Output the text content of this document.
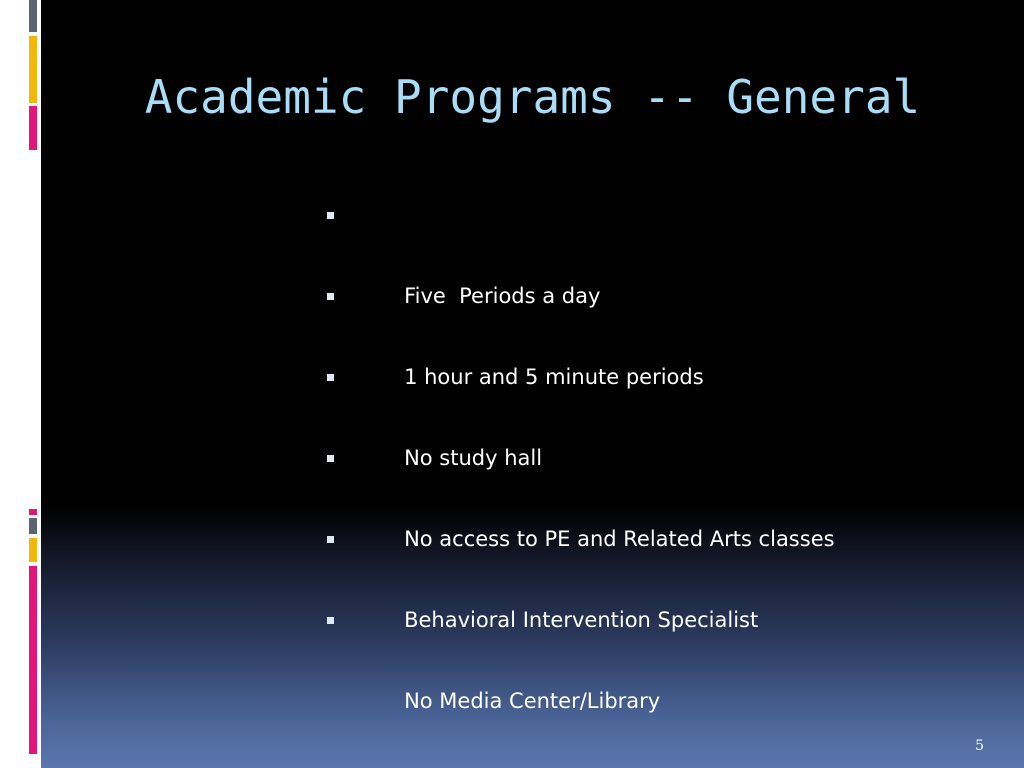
Academic Programs -- General

Five  Periods a day

1 hour and 5 minute periods

No study hall

No access to PE and Related Arts classes

Behavioral Intervention Specialist

No Media Center/Library

5
